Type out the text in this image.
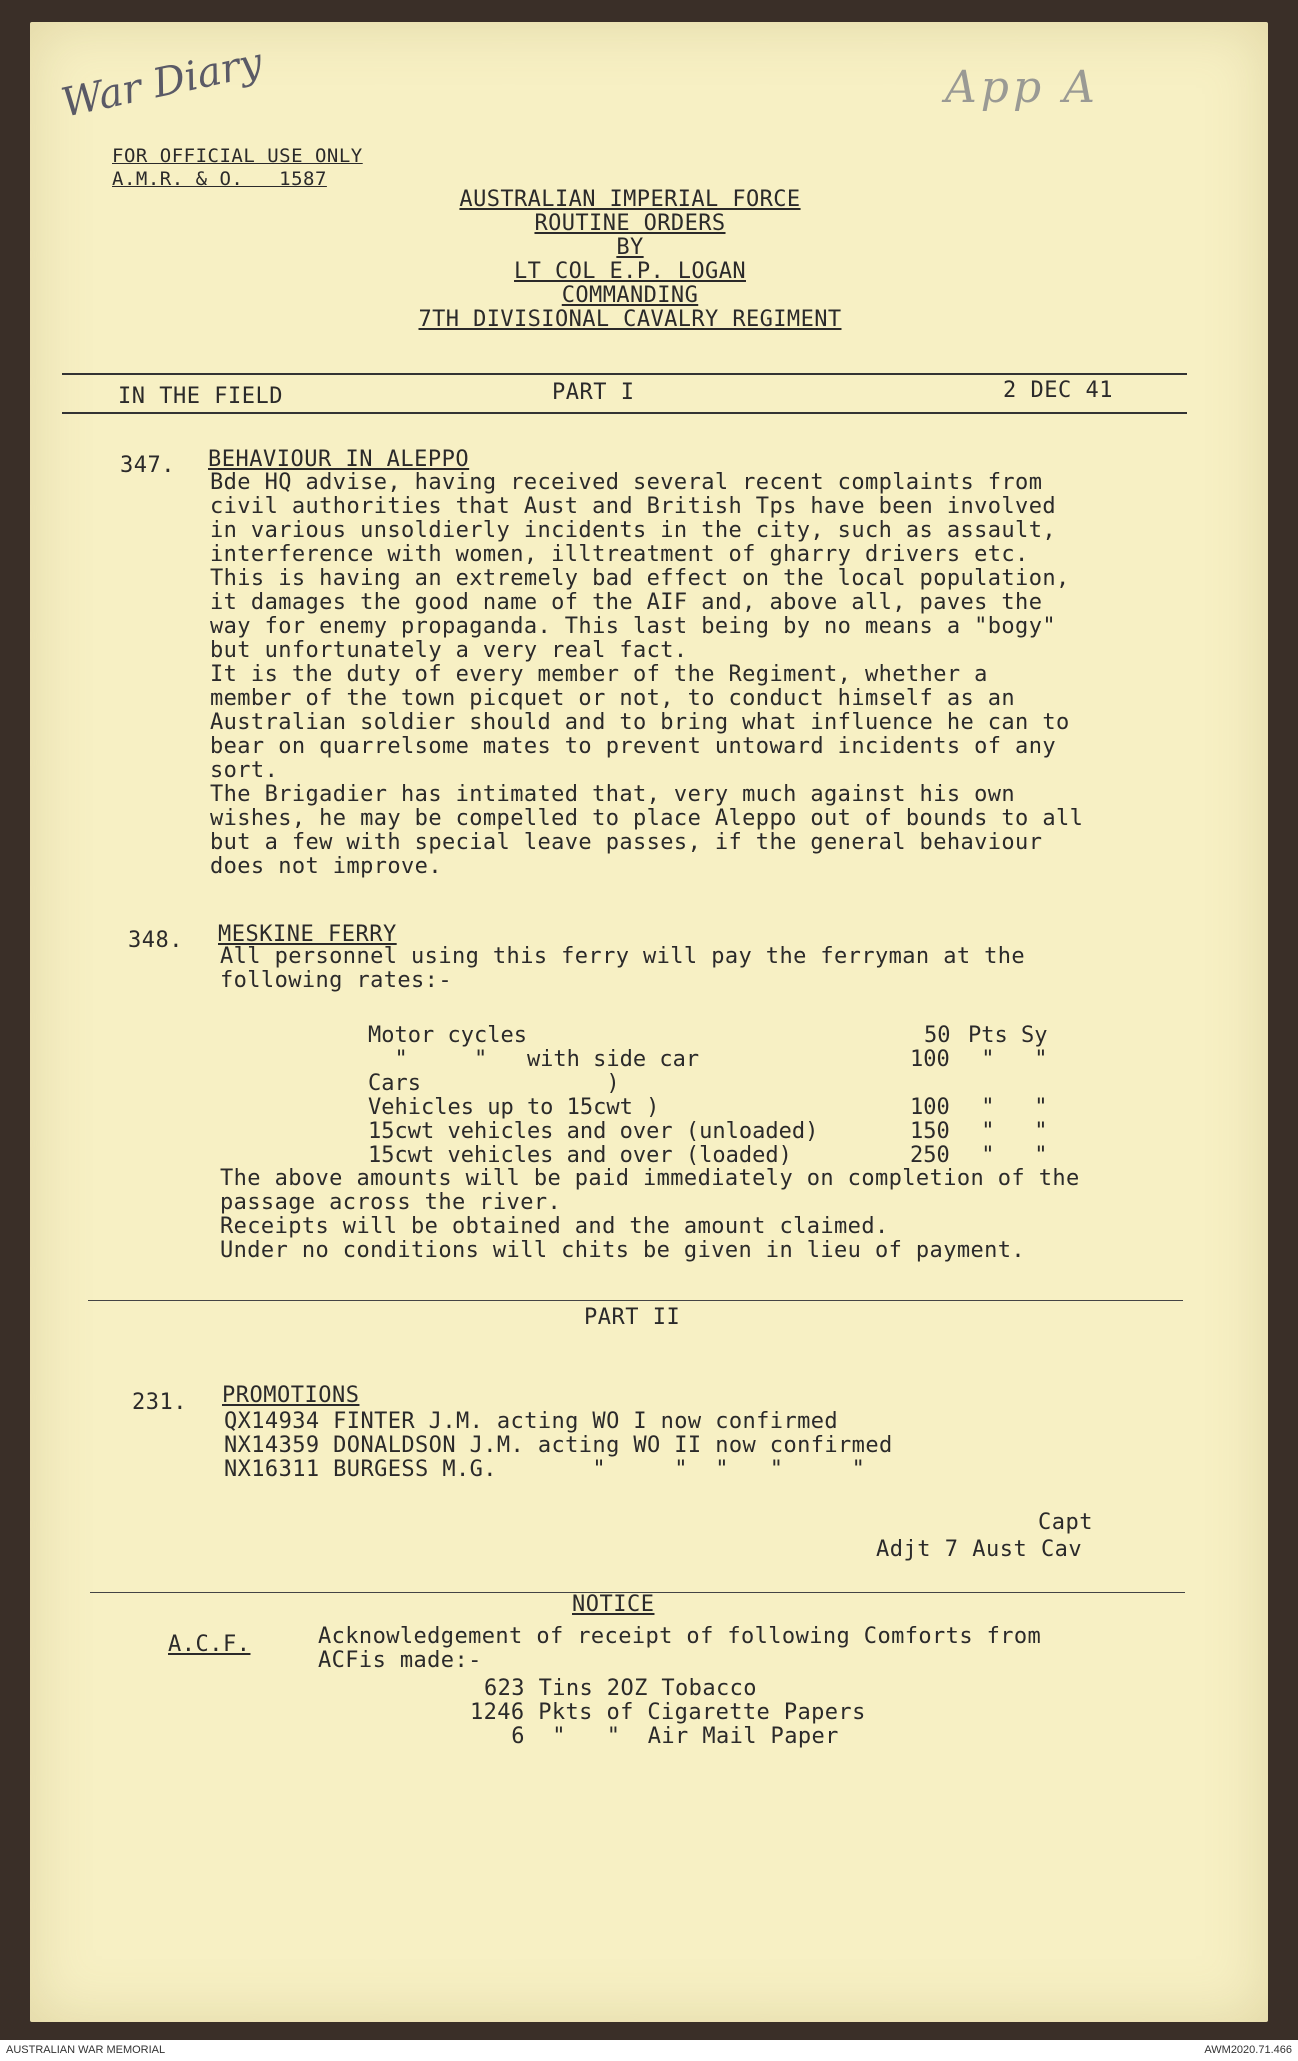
War Diary	App A
FOR OFFICIAL USE ONLY
A.M.R. & O.   1587
AUSTRALIAN IMPERIAL FORCE
ROUTINE ORDERS
BY
LT COL E.P. LOGAN
COMMANDING
7TH DIVISIONAL CAVALRY REGIMENT
IN THE FIELD	PART I	2 DEC 41
347. BEHAVIOUR IN ALEPPO
Bde HQ advise, having received several recent complaints from
civil authorities that Aust and British Tps have been involved
in various unsoldierly incidents in the city, such as assault,
interference with women, illtreatment of gharry drivers etc.
This is having an extremely bad effect on the local population,
it damages the good name of the AIF and, above all, paves the
way for enemy propaganda. This last being by no means a "bogy"
but unfortunately a very real fact.
It is the duty of every member of the Regiment, whether a
member of the town picquet or not, to conduct himself as an
Australian soldier should and to bring what influence he can to
bear on quarrelsome mates to prevent untoward incidents of any
sort.
The Brigadier has intimated that, very much against his own
wishes, he may be compelled to place Aleppo out of bounds to all
but a few with special leave passes, if the general behaviour
does not improve.
348. MESKINE FERRY
All personnel using this ferry will pay the ferryman at the
following rates:-
Motor cycles	50 Pts Sy
"     "   with side car	100 "   "
Cars              )
Vehicles up to 15cwt )	100 "   "
15cwt vehicles and over (unloaded)	150 "   "
15cwt vehicles and over (loaded)	250 "   "
The above amounts will be paid immediately on completion of the
passage across the river.
Receipts will be obtained and the amount claimed.
Under no conditions will chits be given in lieu of payment.
PART II
231. PROMOTIONS
QX14934 FINTER J.M. acting WO I now confirmed
NX14359 DONALDSON J.M. acting WO II now confirmed
NX16311 BURGESS M.G.       "     "  "   "     "
Capt
Adjt 7 Aust Cav
NOTICE
A.C.F.	Acknowledgement of receipt of following Comforts from
ACFis made:-
623 Tins 2OZ Tobacco
1246 Pkts of Cigarette Papers
6  "   "  Air Mail Paper
AUSTRALIAN WAR MEMORIAL	AWM2020.71.466
